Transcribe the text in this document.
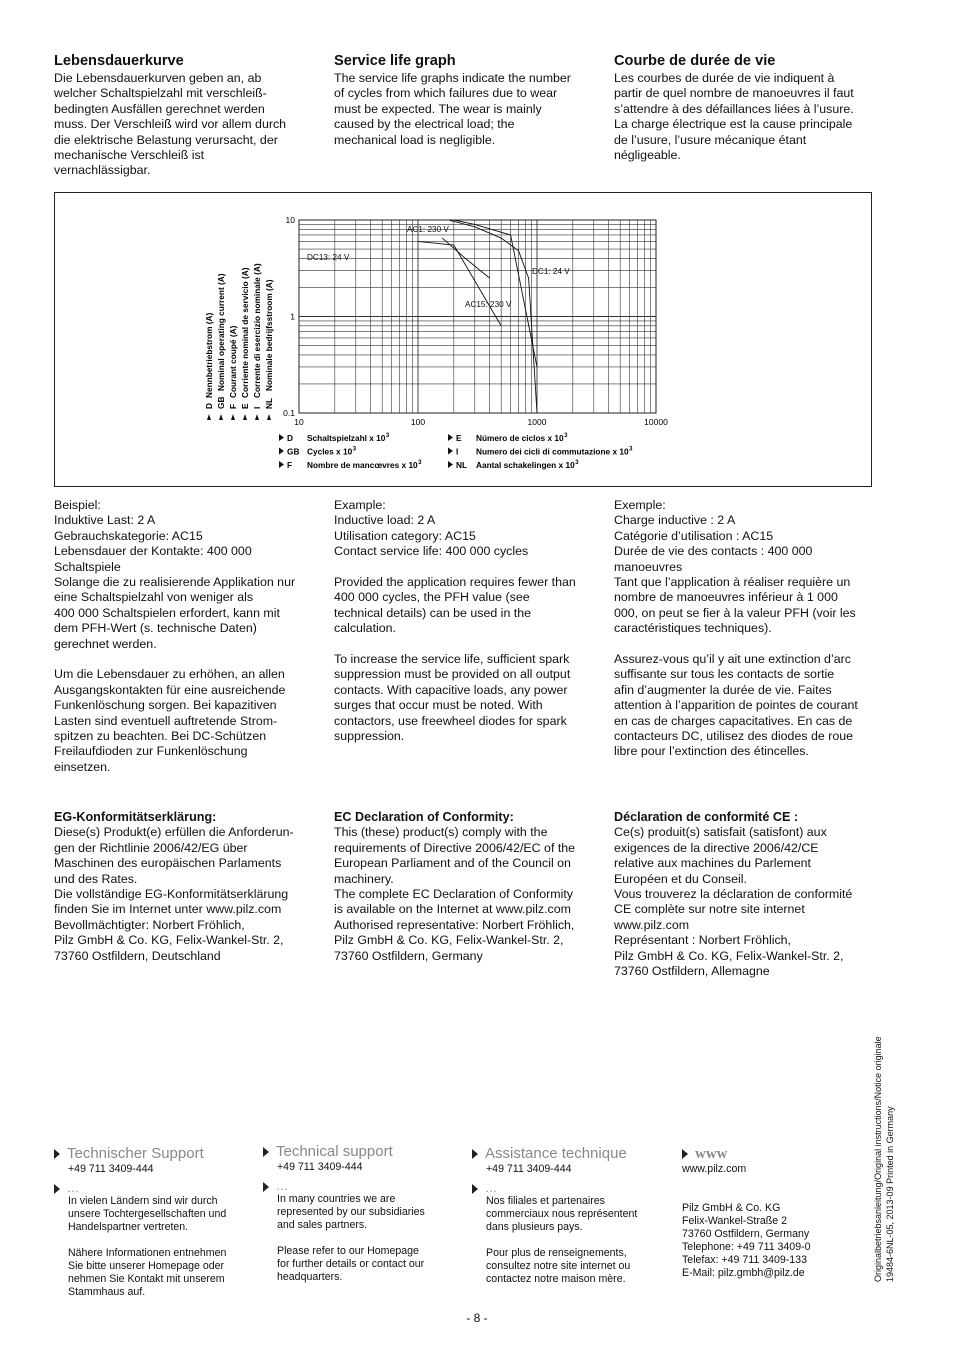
Lebensdauerkurve

Die Lebensdauerkurven geben an, ab
welcher Schaltspielzahl mit verschleiß-
bedingten Ausfällen gerechnet werden
muss. Der Verschleiß wird vor allem durch
die elektrische Belastung verursacht, der
mechanische Verschleiß ist
vernachlässigbar.

Service life graph

The service life graphs indicate the number
of cycles from which failures due to wear
must be expected. The wear is mainly
caused by the electrical load; the
mechanical load is negligible.

Courbe de durée de vie

Les courbes de durée de vie indiquent à
partir de quel nombre de manoeuvres il faut
s’attendre à des défaillances liées à l’usure.
La charge électrique est la cause principale
de l’usure, l’usure mécanique étant
négligeable.

10	100	1000	10000
10
1
0.1
AC1: 230 V
DC13: 24 V
DC1: 24 V
AC15: 230 V
D
Nennbetriebstrom (A)
GB
Nominal operating current (A)
F
Courant coupé (A)
E
Corriente nominal de servicio (A)
I
Corrente di esercizio nominale (A)
NL
Nominale bedrijfsstroom (A)
D Schaltspielzahl x 10 3
GB Cycles x 10 3
F Nombre de mancœvres x 10 3
E Número de ciclos x 10 3
I Numero dei cicli di commutazione x 10 3
NL Aantal schakelingen x 10 3

Beispiel:
Induktive Last: 2 A
Gebrauchskategorie: AC15
Lebensdauer der Kontakte: 400 000
Schaltspiele
Solange die zu realisierende Applikation nur
eine Schaltspielzahl von weniger als
400 000 Schaltspielen erfordert, kann mit
dem PFH-Wert (s. technische Daten)
gerechnet werden.

Um die Lebensdauer zu erhöhen, an allen
Ausgangskontakten für eine ausreichende
Funkenlöschung sorgen. Bei kapazitiven
Lasten sind eventuell auftretende Strom-
spitzen zu beachten. Bei DC-Schützen
Freilaufdioden zur Funkenlöschung
einsetzen.

Example:
Inductive load: 2 A
Utilisation category: AC15
Contact service life: 400 000 cycles

Provided the application requires fewer than
400 000 cycles, the PFH value (see
technical details) can be used in the
calculation.

To increase the service life, sufficient spark
suppression must be provided on all output
contacts. With capacitive loads, any power
surges that occur must be noted. With
contactors, use freewheel diodes for spark
suppression.

Exemple:
Charge inductive : 2 A
Catégorie d’utilisation : AC15
Durée de vie des contacts : 400 000
manoeuvres
Tant que l’application à réaliser requière un
nombre de manoeuvres inférieur à 1 000
000, on peut se fier à la valeur PFH (voir les
caractéristiques techniques).

Assurez-vous qu’il y ait une extinction d’arc
suffisante sur tous les contacts de sortie
afin d’augmenter la durée de vie. Faites
attention à l’apparition de pointes de courant
en cas de charges capacitatives. En cas de
contacteurs DC, utilisez des diodes de roue
libre pour l’extinction des étincelles.

EG-Konformitätserklärung:

Diese(s) Produkt(e) erfüllen die Anforderun-
gen der Richtlinie 2006/42/EG über
Maschinen des europäischen Parlaments
und des Rates.
Die vollständige EG-Konformitätserklärung
finden Sie im Internet unter www.pilz.com
Bevollmächtigter: Norbert Fröhlich,
Pilz GmbH & Co. KG, Felix-Wankel-Str. 2,
73760 Ostfildern, Deutschland

EC Declaration of Conformity:

This (these) product(s) comply with the
requirements of Directive 2006/42/EC of the
European Parliament and of the Council on
machinery.
The complete EC Declaration of Conformity
is available on the Internet at www.pilz.com
Authorised representative: Norbert Fröhlich,
Pilz GmbH & Co. KG, Felix-Wankel-Str. 2,
73760 Ostfildern, Germany

Déclaration de conformité CE :

Ce(s) produit(s) satisfait (satisfont) aux
exigences de la directive 2006/42/CE
relative aux machines du Parlement
Européen et du Conseil.
Vous trouverez la déclaration de conformité
CE complète sur notre site internet
www.pilz.com
Représentant : Norbert Fröhlich,
Pilz GmbH & Co. KG, Felix-Wankel-Str. 2,
73760 Ostfildern, Allemagne

Technischer Support
+49 711 3409-444
…

In vielen Ländern sind wir durch
unsere Tochtergesellschaften und
Handelspartner vertreten.

Nähere Informationen entnehmen
Sie bitte unserer Homepage oder
nehmen Sie Kontakt mit unserem
Stammhaus auf.

Technical support
+49 711 3409-444
…

In many countries we are
represented by our subsidiaries
and sales partners.

Please refer to our Homepage
for further details or contact our
headquarters.

Assistance technique
+49 711 3409-444
…

Nos filiales et partenaires
commerciaux nous représentent
dans plusieurs pays.

Pour plus de renseignements,
consultez notre site internet ou
contactez notre maison mère.

www
www.pilz.com

Pilz GmbH & Co. KG
Felix-Wankel-Straße 2
73760 Ostfildern, Germany
Telephone: +49 711 3409-0
Telefax: +49 711 3409-133
E-Mail: pilz.gmbh@pilz.de	Originalbetriebsanleitung/Original instructions/Notice originale 19484-6NL-05, 2013-09 Printed in Germany
- 8 -
